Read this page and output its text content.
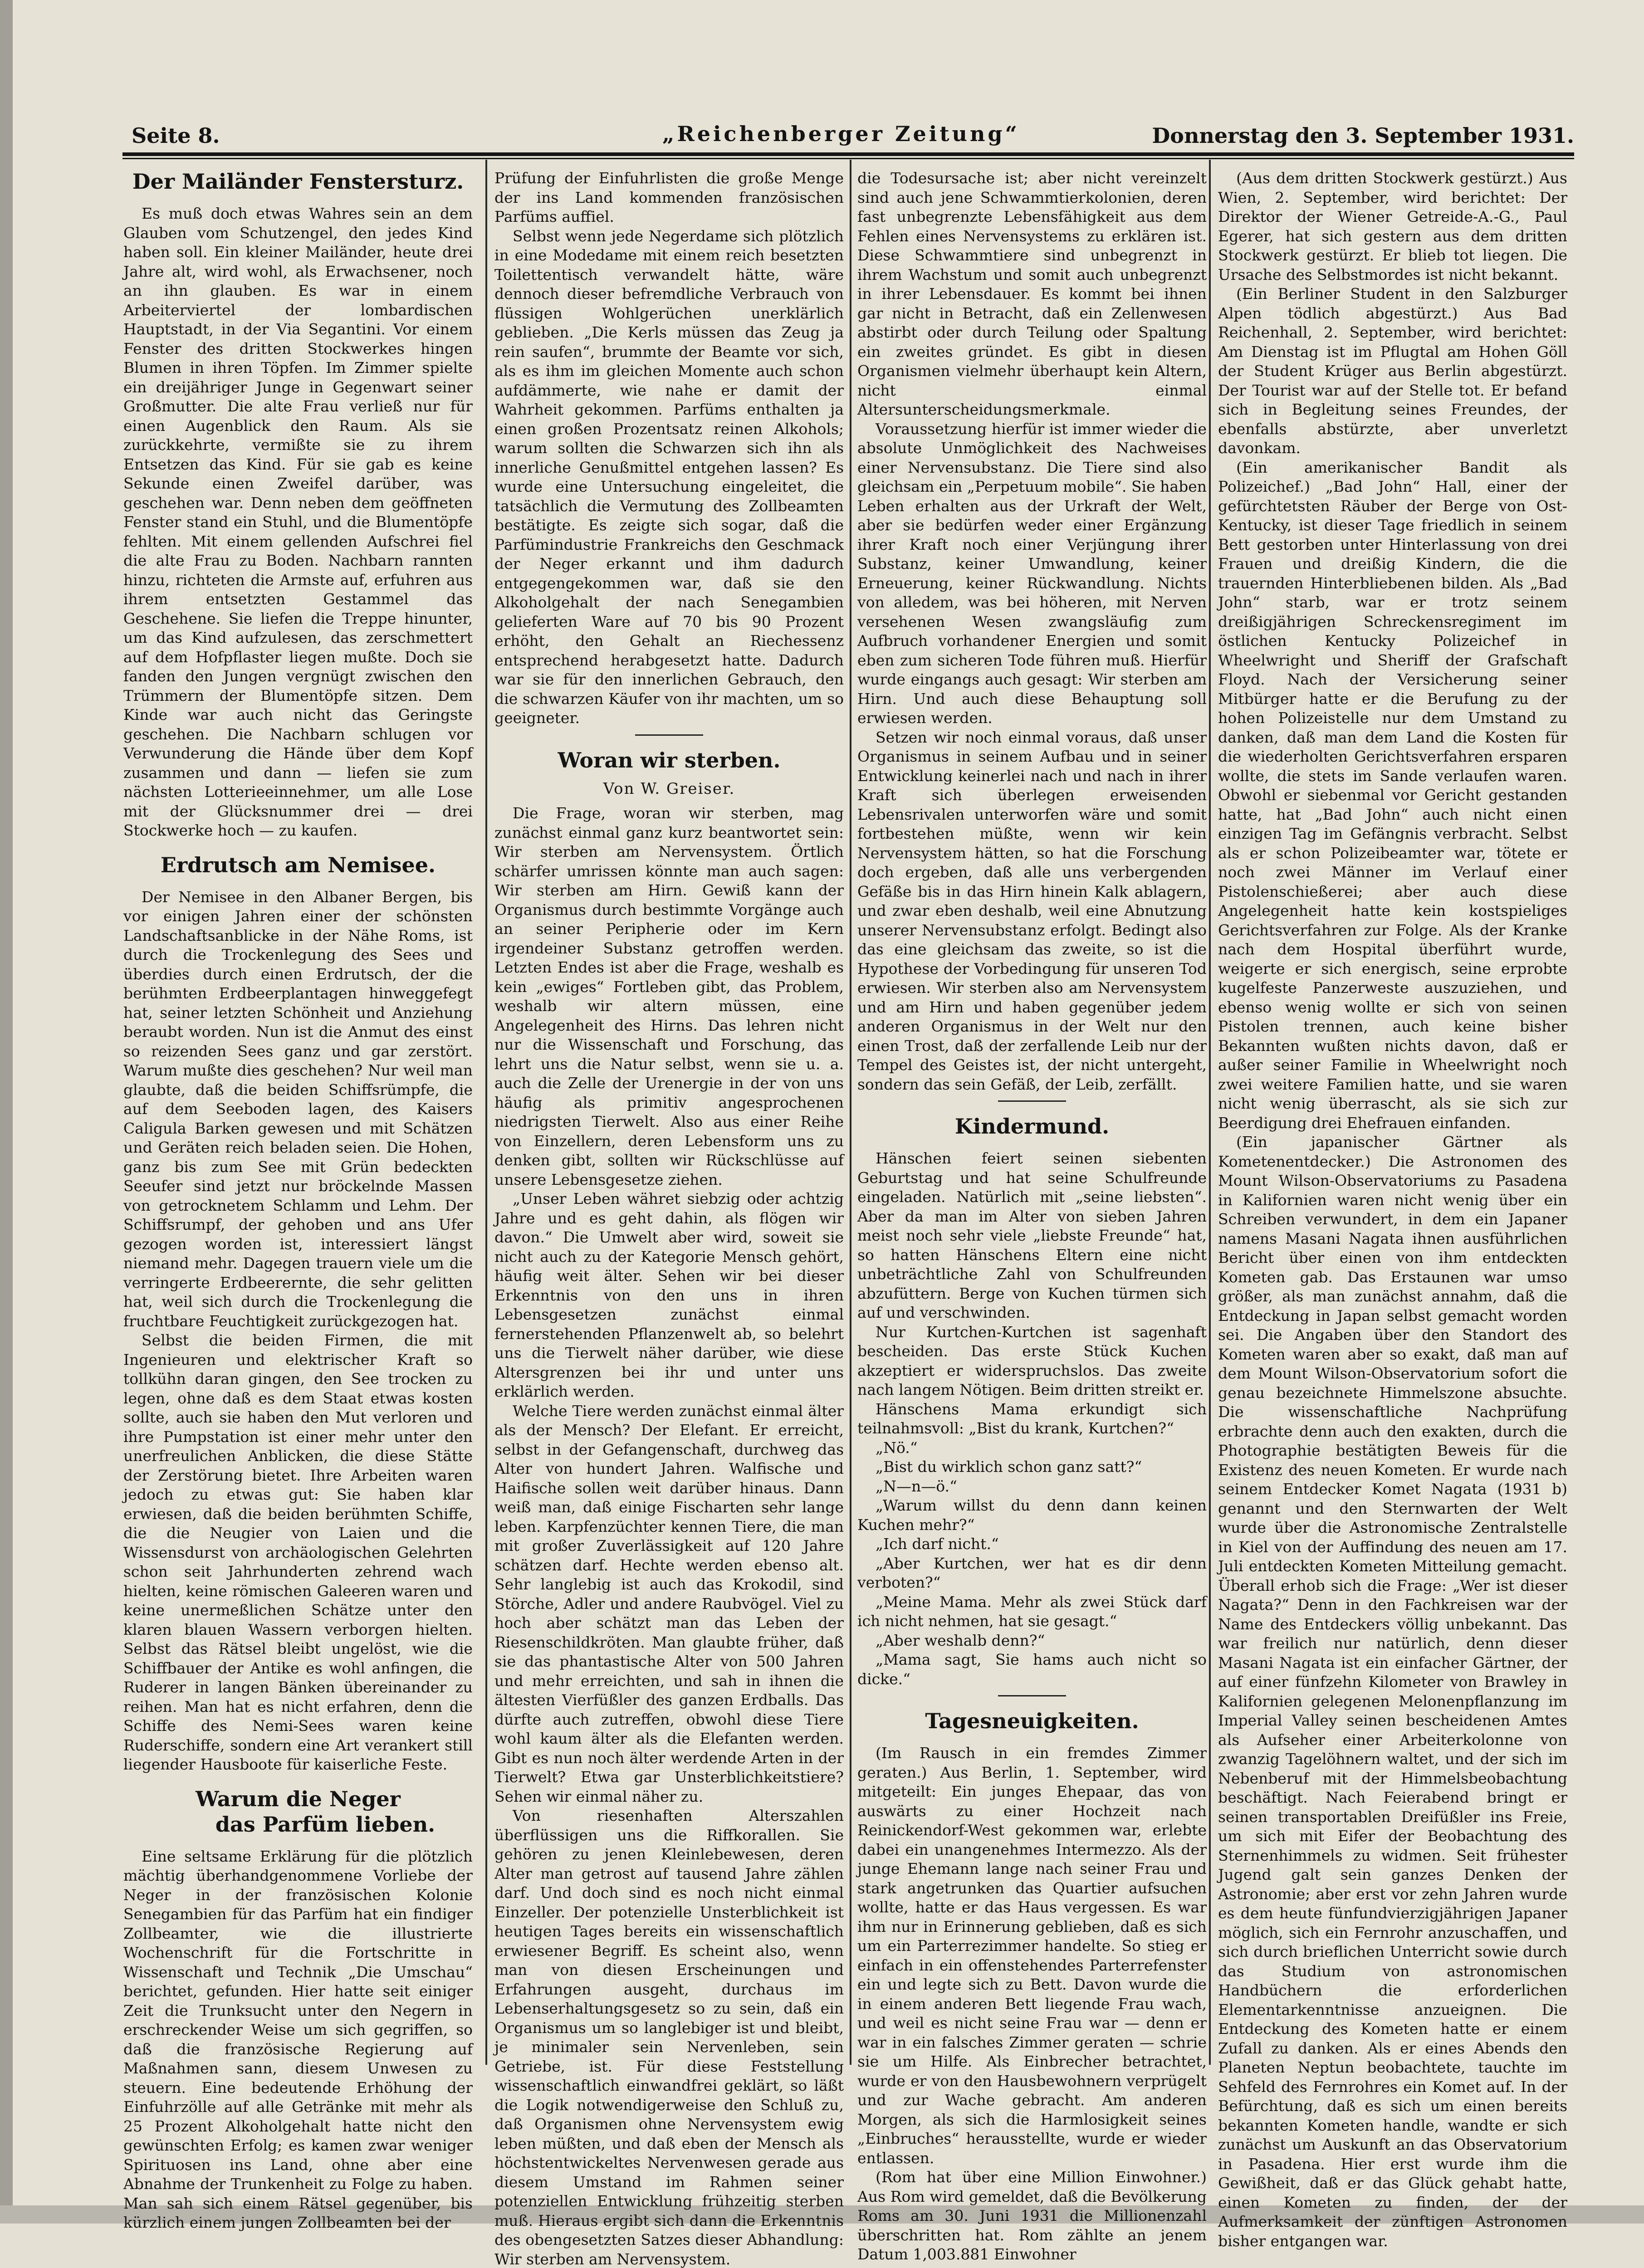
Seite 8.	„Reichenberger Zeitung“	Donnerstag den 3. September 1931.
Der Mailänder Fenstersturz.

Es muß doch etwas Wahres sein an dem Glauben vom Schutzengel, den jedes Kind haben soll. Ein kleiner Mailänder, heute drei Jahre alt, wird wohl, als Erwachsener, noch an ihn glauben. Es war in einem Arbeiterviertel der lombardischen Hauptstadt, in der Via Segantini. Vor einem Fenster des dritten Stockwerkes hingen Blumen in ihren Töpfen. Im Zimmer spielte ein dreijähriger Junge in Gegenwart seiner Großmutter. Die alte Frau verließ nur für einen Augenblick den Raum. Als sie zurückkehrte, vermißte sie zu ihrem Entsetzen das Kind. Für sie gab es keine Sekunde einen Zweifel darüber, was geschehen war. Denn neben dem geöffneten Fenster stand ein Stuhl, und die Blumentöpfe fehlten. Mit einem gellenden Aufschrei fiel die alte Frau zu Boden. Nachbarn rannten hinzu, richteten die Armste auf, erfuhren aus ihrem entsetzten Gestammel das Geschehene. Sie liefen die Treppe hinunter, um das Kind aufzulesen, das zerschmettert auf dem Hofpflaster liegen mußte. Doch sie fanden den Jungen vergnügt zwischen den Trümmern der Blumentöpfe sitzen. Dem Kinde war auch nicht das Geringste geschehen. Die Nachbarn schlugen vor Verwunderung die Hände über dem Kopf zusammen und dann — liefen sie zum nächsten Lotterieeinnehmer, um alle Lose mit der Glücksnummer drei — drei Stockwerke hoch — zu kaufen.

Erdrutsch am Nemisee.

Der Nemisee in den Albaner Bergen, bis vor einigen Jahren einer der schönsten Landschaftsanblicke in der Nähe Roms, ist durch die Trockenlegung des Sees und überdies durch einen Erdrutsch, der die berühmten Erdbeerplantagen hinweggefegt hat, seiner letzten Schönheit und Anziehung beraubt worden. Nun ist die Anmut des einst so reizenden Sees ganz und gar zerstört. Warum mußte dies geschehen? Nur weil man glaubte, daß die beiden Schiffsrümpfe, die auf dem Seeboden lagen, des Kaisers Caligula Barken gewesen und mit Schätzen und Geräten reich beladen seien. Die Hohen, ganz bis zum See mit Grün bedeckten Seeufer sind jetzt nur bröckelnde Massen von getrocknetem Schlamm und Lehm. Der Schiffsrumpf, der gehoben und ans Ufer gezogen worden ist, interessiert längst niemand mehr. Dagegen trauern viele um die verringerte Erdbeerernte, die sehr gelitten hat, weil sich durch die Trockenlegung die fruchtbare Feuchtigkeit zurückgezogen hat.

Selbst die beiden Firmen, die mit Ingenieuren und elektrischer Kraft so tollkühn daran gingen, den See trocken zu legen, ohne daß es dem Staat etwas kosten sollte, auch sie haben den Mut verloren und ihre Pumpstation ist einer mehr unter den unerfreulichen Anblicken, die diese Stätte der Zerstörung bietet. Ihre Arbeiten waren jedoch zu etwas gut: Sie haben klar erwiesen, daß die beiden berühmten Schiffe, die die Neugier von Laien und die Wissensdurst von archäologischen Gelehrten schon seit Jahrhunderten zehrend wach hielten, keine römischen Galeeren waren und keine unermeßlichen Schätze unter den klaren blauen Wassern verborgen hielten. Selbst das Rätsel bleibt ungelöst, wie die Schiffbauer der Antike es wohl anfingen, die Ruderer in langen Bänken übereinander zu reihen. Man hat es nicht erfahren, denn die Schiffe des Nemi-Sees waren keine Ruderschiffe, sondern eine Art verankert still liegender Hausboote für kaiserliche Feste.

Warum die Neger
das Parfüm lieben.

Eine seltsame Erklärung für die plötzlich mächtig überhandgenommene Vorliebe der Neger in der französischen Kolonie Senegambien für das Parfüm hat ein findiger Zollbeamter, wie die illustrierte Wochenschrift für die Fortschritte in Wissenschaft und Technik „Die Umschau“ berichtet, gefunden. Hier hatte seit einiger Zeit die Trunksucht unter den Negern in erschreckender Weise um sich gegriffen, so daß die französische Regierung auf Maßnahmen sann, diesem Unwesen zu steuern. Eine bedeutende Erhöhung der Einfuhrzölle auf alle Getränke mit mehr als 25 Prozent Alkoholgehalt hatte nicht den gewünschten Erfolg; es kamen zwar weniger Spirituosen ins Land, ohne aber eine Abnahme der Trunkenheit zu Folge zu haben. Man sah sich einem Rätsel gegenüber, bis kürzlich einem jungen Zollbeamten bei der

Prüfung der Einfuhrlisten die große Menge der ins Land kommenden französischen Parfüms auffiel.

Selbst wenn jede Negerdame sich plötzlich in eine Modedame mit einem reich besetzten Toilettentisch verwandelt hätte, wäre dennoch dieser befremdliche Verbrauch von flüssigen Wohlgerüchen unerklärlich geblieben. „Die Kerls müssen das Zeug ja rein saufen“, brummte der Beamte vor sich, als es ihm im gleichen Momente auch schon aufdämmerte, wie nahe er damit der Wahrheit gekommen. Parfüms enthalten ja einen großen Prozentsatz reinen Alkohols; warum sollten die Schwarzen sich ihn als innerliche Genußmittel entgehen lassen? Es wurde eine Untersuchung eingeleitet, die tatsächlich die Vermutung des Zollbeamten bestätigte. Es zeigte sich sogar, daß die Parfümindustrie Frankreichs den Geschmack der Neger erkannt und ihm dadurch entgegengekommen war, daß sie den Alkoholgehalt der nach Senegambien gelieferten Ware auf 70 bis 90 Prozent erhöht, den Gehalt an Riechessenz entsprechend herabgesetzt hatte. Dadurch war sie für den innerlichen Gebrauch, den die schwarzen Käufer von ihr machten, um so geeigneter.

Woran wir sterben.
Von W. Greiser.

Die Frage, woran wir sterben, mag zunächst einmal ganz kurz beantwortet sein: Wir sterben am Nervensystem. Örtlich schärfer umrissen könnte man auch sagen: Wir sterben am Hirn. Gewiß kann der Organismus durch bestimmte Vorgänge auch an seiner Peripherie oder im Kern irgendeiner Substanz getroffen werden. Letzten Endes ist aber die Frage, weshalb es kein „ewiges“ Fortleben gibt, das Problem, weshalb wir altern müssen, eine Angelegenheit des Hirns. Das lehren nicht nur die Wissenschaft und Forschung, das lehrt uns die Natur selbst, wenn sie u. a. auch die Zelle der Urenergie in der von uns häufig als primitiv angesprochenen niedrigsten Tierwelt. Also aus einer Reihe von Einzellern, deren Lebensform uns zu denken gibt, sollten wir Rückschlüsse auf unsere Lebensgesetze ziehen.

„Unser Leben währet siebzig oder achtzig Jahre und es geht dahin, als flögen wir davon.“ Die Umwelt aber wird, soweit sie nicht auch zu der Kategorie Mensch gehört, häufig weit älter. Sehen wir bei dieser Erkenntnis von den uns in ihren Lebensgesetzen zunächst einmal fernerstehenden Pflanzenwelt ab, so belehrt uns die Tierwelt näher darüber, wie diese Altersgrenzen bei ihr und unter uns erklärlich werden.

Welche Tiere werden zunächst einmal älter als der Mensch? Der Elefant. Er erreicht, selbst in der Gefangenschaft, durchweg das Alter von hundert Jahren. Walfische und Haifische sollen weit darüber hinaus. Dann weiß man, daß einige Fischarten sehr lange leben. Karpfenzüchter kennen Tiere, die man mit großer Zuverlässigkeit auf 120 Jahre schätzen darf. Hechte werden ebenso alt. Sehr langlebig ist auch das Krokodil, sind Störche, Adler und andere Raubvögel. Viel zu hoch aber schätzt man das Leben der Riesenschildkröten. Man glaubte früher, daß sie das phantastische Alter von 500 Jahren und mehr erreichten, und sah in ihnen die ältesten Vierfüßler des ganzen Erdballs. Das dürfte auch zutreffen, obwohl diese Tiere wohl kaum älter als die Elefanten werden. Gibt es nun noch älter werdende Arten in der Tierwelt? Etwa gar Unsterblichkeitstiere? Sehen wir einmal näher zu.

Von riesenhaften Alterszahlen überflüssigen uns die Riffkorallen. Sie gehören zu jenen Kleinlebewesen, deren Alter man getrost auf tausend Jahre zählen darf. Und doch sind es noch nicht einmal Einzeller. Der potenzielle Unsterblichkeit ist heutigen Tages bereits ein wissenschaftlich erwiesener Begriff. Es scheint also, wenn man von diesen Erscheinungen und Erfahrungen ausgeht, durchaus im Lebenserhaltungsgesetz so zu sein, daß ein Organismus um so langlebiger ist und bleibt, je minimaler sein Nervenleben, sein Getriebe, ist. Für diese Feststellung wissenschaftlich einwandfrei geklärt, so läßt die Logik notwendigerweise den Schluß zu, daß Organismen ohne Nervensystem ewig leben müßten, und daß eben der Mensch als höchstentwickeltes Nervenwesen gerade aus diesem Umstand im Rahmen seiner potenziellen Entwicklung frühzeitig sterben muß. Hieraus ergibt sich dann die Erkenntnis des obengesetzten Satzes dieser Abhandlung: Wir sterben am Nervensystem.

die Todesursache ist; aber nicht vereinzelt sind auch jene Schwammtierkolonien, deren fast unbegrenzte Lebensfähigkeit aus dem Fehlen eines Nervensystems zu erklären ist. Diese Schwammtiere sind unbegrenzt in ihrem Wachstum und somit auch unbegrenzt in ihrer Lebensdauer. Es kommt bei ihnen gar nicht in Betracht, daß ein Zellenwesen abstirbt oder durch Teilung oder Spaltung ein zweites gründet. Es gibt in diesen Organismen vielmehr überhaupt kein Altern, nicht einmal Altersunterscheidungsmerkmale.

Voraussetzung hierfür ist immer wieder die absolute Unmöglichkeit des Nachweises einer Nervensubstanz. Die Tiere sind also gleichsam ein „Perpetuum mobile“. Sie haben Leben erhalten aus der Urkraft der Welt, aber sie bedürfen weder einer Ergänzung ihrer Kraft noch einer Verjüngung ihrer Substanz, keiner Umwandlung, keiner Erneuerung, keiner Rückwandlung. Nichts von alledem, was bei höheren, mit Nerven versehenen Wesen zwangsläufig zum Aufbruch vorhandener Energien und somit eben zum sicheren Tode führen muß. Hierfür wurde eingangs auch gesagt: Wir sterben am Hirn. Und auch diese Behauptung soll erwiesen werden.

Setzen wir noch einmal voraus, daß unser Organismus in seinem Aufbau und in seiner Entwicklung keinerlei nach und nach in ihrer Kraft sich überlegen erweisenden Lebensrivalen unterworfen wäre und somit fortbestehen müßte, wenn wir kein Nervensystem hätten, so hat die Forschung doch ergeben, daß alle uns verbergenden Gefäße bis in das Hirn hinein Kalk ablagern, und zwar eben deshalb, weil eine Abnutzung unserer Nervensubstanz erfolgt. Bedingt also das eine gleichsam das zweite, so ist die Hypothese der Vorbedingung für unseren Tod erwiesen. Wir sterben also am Nervensystem und am Hirn und haben gegenüber jedem anderen Organismus in der Welt nur den einen Trost, daß der zerfallende Leib nur der Tempel des Geistes ist, der nicht untergeht, sondern das sein Gefäß, der Leib, zerfällt.

Kindermund.

Hänschen feiert seinen siebenten Geburtstag und hat seine Schulfreunde eingeladen. Natürlich mit „seine liebsten“. Aber da man im Alter von sieben Jahren meist noch sehr viele „liebste Freunde“ hat, so hatten Hänschens Eltern eine nicht unbeträchtliche Zahl von Schulfreunden abzufüttern. Berge von Kuchen türmen sich auf und verschwinden.

Nur Kurtchen-Kurtchen ist sagenhaft bescheiden. Das erste Stück Kuchen akzeptiert er widerspruchslos. Das zweite nach langem Nötigen. Beim dritten streikt er.

Hänschens Mama erkundigt sich teilnahmsvoll: „Bist du krank, Kurtchen?“

„Nö.“

„Bist du wirklich schon ganz satt?“

„N—n—ö.“

„Warum willst du denn dann keinen Kuchen mehr?“

„Ich darf nicht.“

„Aber Kurtchen, wer hat es dir denn verboten?“

„Meine Mama. Mehr als zwei Stück darf ich nicht nehmen, hat sie gesagt.“

„Aber weshalb denn?“

„Mama sagt, Sie hams auch nicht so dicke.“

Tagesneuigkeiten.

(Im Rausch in ein fremdes Zimmer geraten.) Aus Berlin, 1. September, wird mitgeteilt: Ein junges Ehepaar, das von auswärts zu einer Hochzeit nach Reinickendorf-West gekommen war, erlebte dabei ein unangenehmes Intermezzo. Als der junge Ehemann lange nach seiner Frau und stark angetrunken das Quartier aufsuchen wollte, hatte er das Haus vergessen. Es war ihm nur in Erinnerung geblieben, daß es sich um ein Parterrezimmer handelte. So stieg er einfach in ein offenstehendes Parterrefenster ein und legte sich zu Bett. Davon wurde die in einem anderen Bett liegende Frau wach, und weil es nicht seine Frau war — denn er war in ein falsches Zimmer geraten — schrie sie um Hilfe. Als Einbrecher betrachtet, wurde er von den Hausbewohnern verprügelt und zur Wache gebracht. Am anderen Morgen, als sich die Harmlosigkeit seines „Einbruches“ herausstellte, wurde er wieder entlassen.

(Rom hat über eine Million Einwohner.) Aus Rom wird gemeldet, daß die Bevölkerung Roms am 30. Juni 1931 die Millionenzahl überschritten hat. Rom zählte an jenem Datum 1,003.881 Einwohner

(Aus dem dritten Stockwerk gestürzt.) Aus Wien, 2. September, wird berichtet: Der Direktor der Wiener Getreide-A.-G., Paul Egerer, hat sich gestern aus dem dritten Stockwerk gestürzt. Er blieb tot liegen. Die Ursache des Selbstmordes ist nicht bekannt.

(Ein Berliner Student in den Salzburger Alpen tödlich abgestürzt.) Aus Bad Reichenhall, 2. September, wird berichtet: Am Dienstag ist im Pflugtal am Hohen Göll der Student Krüger aus Berlin abgestürzt. Der Tourist war auf der Stelle tot. Er befand sich in Begleitung seines Freundes, der ebenfalls abstürzte, aber unverletzt davonkam.

(Ein amerikanischer Bandit als Polizeichef.) „Bad John“ Hall, einer der gefürchtetsten Räuber der Berge von Ost-Kentucky, ist dieser Tage friedlich in seinem Bett gestorben unter Hinterlassung von drei Frauen und dreißig Kindern, die die trauernden Hinterbliebenen bilden. Als „Bad John“ starb, war er trotz seinem dreißigjährigen Schreckensregiment im östlichen Kentucky Polizeichef in Wheelwright und Sheriff der Grafschaft Floyd. Nach der Versicherung seiner Mitbürger hatte er die Berufung zu der hohen Polizeistelle nur dem Umstand zu danken, daß man dem Land die Kosten für die wiederholten Gerichtsverfahren ersparen wollte, die stets im Sande verlaufen waren. Obwohl er siebenmal vor Gericht gestanden hatte, hat „Bad John“ auch nicht einen einzigen Tag im Gefängnis verbracht. Selbst als er schon Polizeibeamter war, tötete er noch zwei Männer im Verlauf einer Pistolenschießerei; aber auch diese Angelegenheit hatte kein kostspieliges Gerichtsverfahren zur Folge. Als der Kranke nach dem Hospital überführt wurde, weigerte er sich energisch, seine erprobte kugelfeste Panzerweste auszuziehen, und ebenso wenig wollte er sich von seinen Pistolen trennen, auch keine bisher Bekannten wußten nichts davon, daß er außer seiner Familie in Wheelwright noch zwei weitere Familien hatte, und sie waren nicht wenig überrascht, als sie sich zur Beerdigung drei Ehefrauen einfanden.

(Ein japanischer Gärtner als Kometenentdecker.) Die Astronomen des Mount Wilson-Observatoriums zu Pasadena in Kalifornien waren nicht wenig über ein Schreiben verwundert, in dem ein Japaner namens Masani Nagata ihnen ausführlichen Bericht über einen von ihm entdeckten Kometen gab. Das Erstaunen war umso größer, als man zunächst annahm, daß die Entdeckung in Japan selbst gemacht worden sei. Die Angaben über den Standort des Kometen waren aber so exakt, daß man auf dem Mount Wilson-Observatorium sofort die genau bezeichnete Himmelszone absuchte. Die wissenschaftliche Nachprüfung erbrachte denn auch den exakten, durch die Photographie bestätigten Beweis für die Existenz des neuen Kometen. Er wurde nach seinem Entdecker Komet Nagata (1931 b) genannt und den Sternwarten der Welt wurde über die Astronomische Zentralstelle in Kiel von der Auffindung des neuen am 17. Juli entdeckten Kometen Mitteilung gemacht. Überall erhob sich die Frage: „Wer ist dieser Nagata?“ Denn in den Fachkreisen war der Name des Entdeckers völlig unbekannt. Das war freilich nur natürlich, denn dieser Masani Nagata ist ein einfacher Gärtner, der auf einer fünfzehn Kilometer von Brawley in Kalifornien gelegenen Melonenpflanzung im Imperial Valley seinen bescheidenen Amtes als Aufseher einer Arbeiterkolonne von zwanzig Tagelöhnern waltet, und der sich im Nebenberuf mit der Himmelsbeobachtung beschäftigt. Nach Feierabend bringt er seinen transportablen Dreifüßler ins Freie, um sich mit Eifer der Beobachtung des Sternenhimmels zu widmen. Seit frühester Jugend galt sein ganzes Denken der Astronomie; aber erst vor zehn Jahren wurde es dem heute fünfundvierzigjährigen Japaner möglich, sich ein Fernrohr anzuschaffen, und sich durch brieflichen Unterricht sowie durch das Studium von astronomischen Handbüchern die erforderlichen Elementarkenntnisse anzueignen. Die Entdeckung des Kometen hatte er einem Zufall zu danken. Als er eines Abends den Planeten Neptun beobachtete, tauchte im Sehfeld des Fernrohres ein Komet auf. In der Befürchtung, daß es sich um einen bereits bekannten Kometen handle, wandte er sich zunächst um Auskunft an das Observatorium in Pasadena. Hier erst wurde ihm die Gewißheit, daß er das Glück gehabt hatte, einen Kometen zu finden, der der Aufmerksamkeit der zünftigen Astronomen bisher entgangen war.
